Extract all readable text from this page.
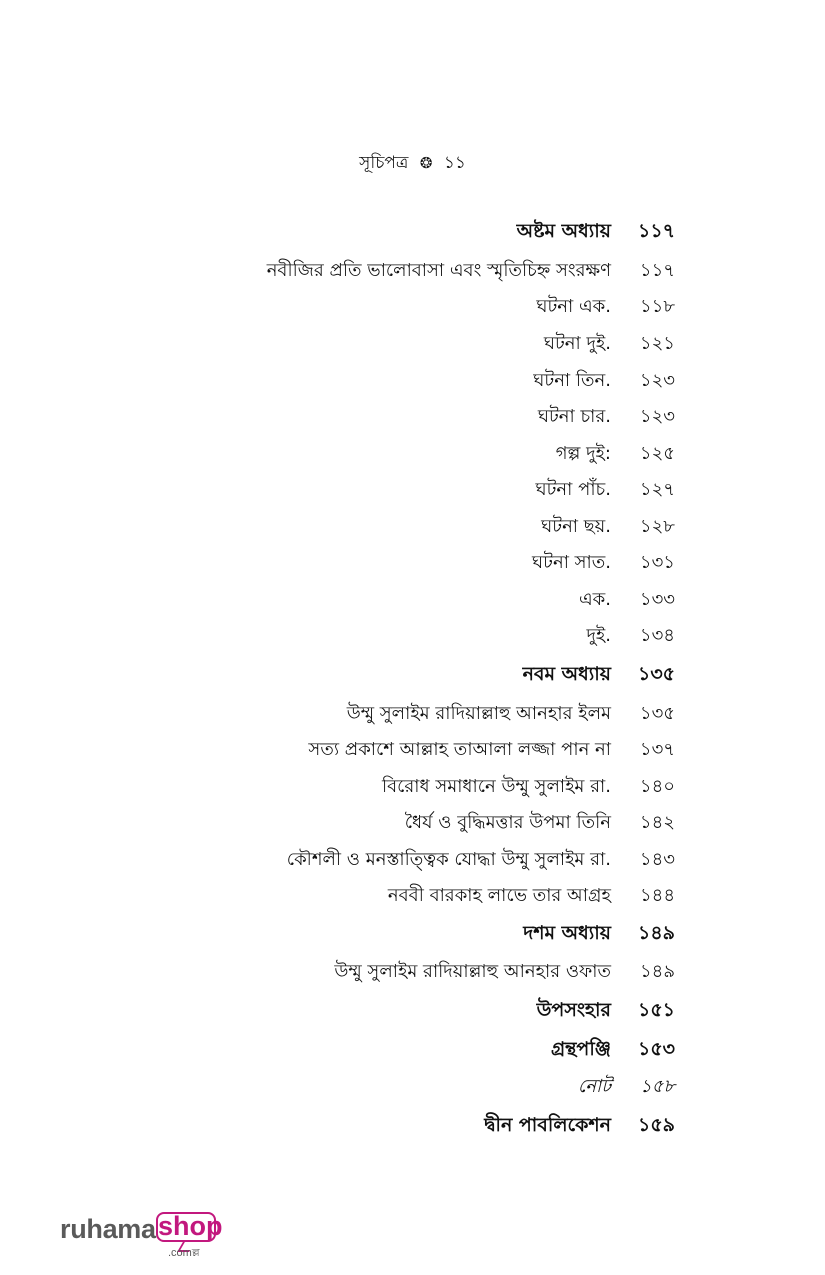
সূচিপত্র ❂ ১১
অষ্টম অধ্যায় ১১৭
নবীজির প্রতি ভালোবাসা এবং স্মৃতিচিহ্ন সংরক্ষণ ১১৭
ঘটনা এক. ১১৮
ঘটনা দুই. ১২১
ঘটনা তিন. ১২৩
ঘটনা চার. ১২৩
গল্প দুই: ১২৫
ঘটনা পাঁচ. ১২৭
ঘটনা ছয়. ১২৮
ঘটনা সাত. ১৩১
এক. ১৩৩
দুই. ১৩৪
নবম অধ্যায় ১৩৫
উম্মু সুলাইম রাদিয়াল্লাহু আনহার ইলম ১৩৫
সত্য প্রকাশে আল্লাহ তাআলা লজ্জা পান না ১৩৭
বিরোধ সমাধানে উম্মু সুলাইম রা. ১৪০
ধৈর্য ও বুদ্ধিমত্তার উপমা তিনি ১৪২
কৌশলী ও মনস্তাত্ত্বিক যোদ্ধা উম্মু সুলাইম রা. ১৪৩
নববী বারকাহ লাভে তার আগ্রহ ১৪৪
দশম অধ্যায় ১৪৯
উম্মু সুলাইম রাদিয়াল্লাহু আনহার ওফাত ১৪৯
উপসংহার ১৫১
গ্রন্থপঞ্জি ১৫৩
নোট ১৫৮
দ্বীন পাবলিকেশন ১৫৯
ruhama shop
.comল্ল
